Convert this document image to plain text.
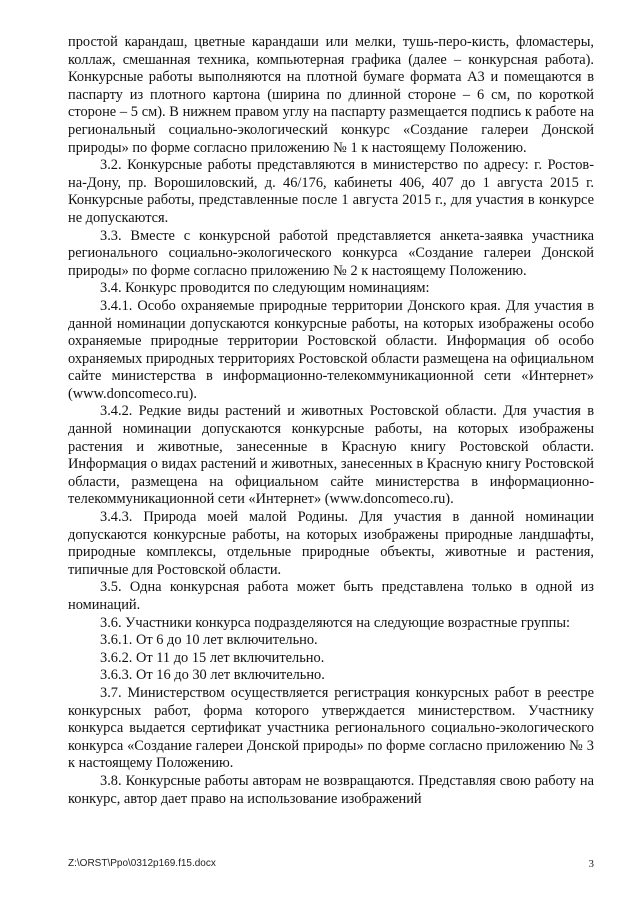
простой карандаш, цветные карандаши или мелки, тушь-перо-кисть, фломастеры, коллаж, смешанная техника, компьютерная графика (далее – конкурсная работа). Конкурсные работы выполняются на плотной бумаге формата А3 и помещаются в паспарту из плотного картона (ширина по длинной стороне – 6 см, по короткой стороне – 5 см). В нижнем правом углу на паспарту размещается подпись к работе на региональный социально-экологический конкурс «Создание галереи Донской природы» по форме согласно приложению № 1 к настоящему Положению.

3.2. Конкурсные работы представляются в министерство по адресу: г. Ростов-на-Дону, пр. Ворошиловский, д. 46/176, кабинеты 406, 407 до 1 августа 2015 г. Конкурсные работы, представленные после 1 августа 2015 г., для участия в конкурсе не допускаются.

3.3. Вместе с конкурсной работой представляется анкета-заявка участника регионального социально-экологического конкурса «Создание галереи Донской природы» по форме согласно приложению № 2 к настоящему Положению.

3.4. Конкурс проводится по следующим номинациям:

3.4.1. Особо охраняемые природные территории Донского края. Для участия в данной номинации допускаются конкурсные работы, на которых изображены особо охраняемые природные территории Ростовской области. Информация об особо охраняемых природных территориях Ростовской области размещена на официальном сайте министерства в информационно-телекоммуникационной сети «Интернет» (www.doncomeco.ru).

3.4.2. Редкие виды растений и животных Ростовской области. Для участия в данной номинации допускаются конкурсные работы, на которых изображены растения и животные, занесенные в Красную книгу Ростовской области. Информация о видах растений и животных, занесенных в Красную книгу Ростовской области, размещена на официальном сайте министерства в информационно-телекоммуникационной сети «Интернет» (www.doncomeco.ru).

3.4.3. Природа моей малой Родины. Для участия в данной номинации допускаются конкурсные работы, на которых изображены природные ландшафты, природные комплексы, отдельные природные объекты, животные и растения, типичные для Ростовской области.

3.5. Одна конкурсная работа может быть представлена только в одной из номинаций.

3.6. Участники конкурса подразделяются на следующие возрастные группы:

3.6.1. От 6 до 10 лет включительно.

3.6.2. От 11 до 15 лет включительно.

3.6.3. От 16 до 30 лет включительно.

3.7. Министерством осуществляется регистрация конкурсных работ в реестре конкурсных работ, форма которого утверждается министерством. Участнику конкурса выдается сертификат участника регионального социально-экологического конкурса «Создание галереи Донской природы» по форме согласно приложению № 3 к настоящему Положению.

3.8. Конкурсные работы авторам не возвращаются. Представляя свою работу на конкурс, автор дает право на использование изображений

Z:\ORST\Ppo\0312p169.f15.docx	3
